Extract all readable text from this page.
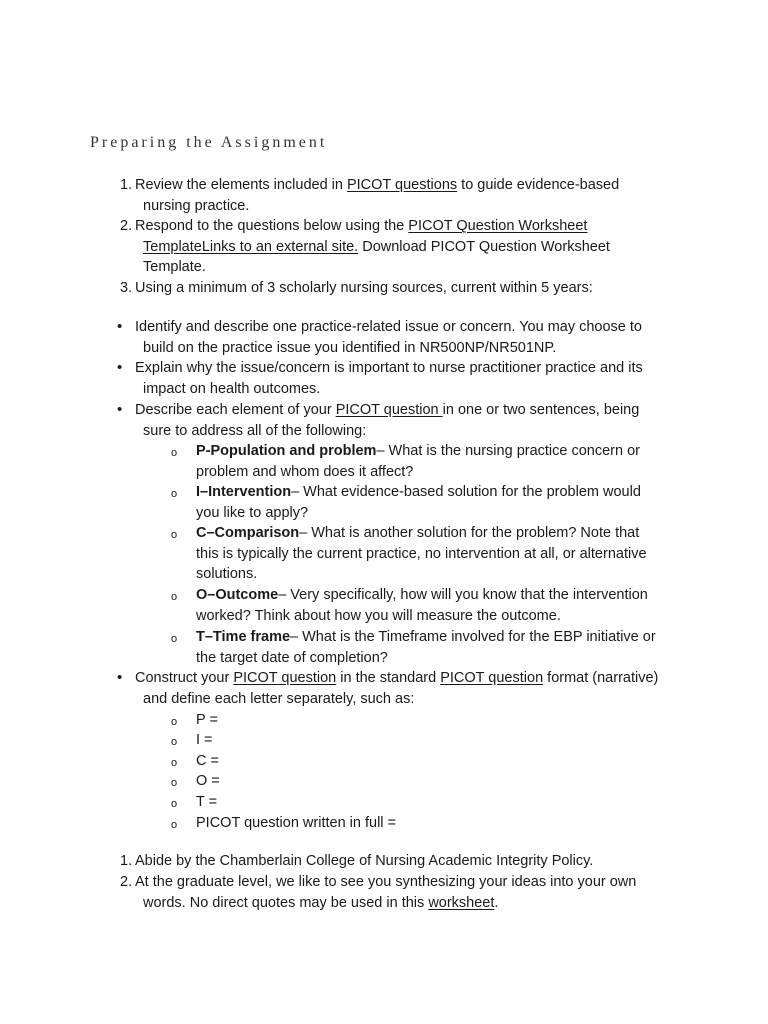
Preparing the Assignment
1. Review the elements included in PICOT questions to guide evidence-based
nursing practice.
2. Respond to the questions below using the PICOT Question Worksheet
TemplateLinks to an external site. Download PICOT Question Worksheet
Template.
3. Using a minimum of 3 scholarly nursing sources, current within 5 years:
• Identify and describe one practice-related issue or concern. You may choose to
build on the practice issue you identified in NR500NP/NR501NP.
• Explain why the issue/concern is important to nurse practitioner practice and its
impact on health outcomes.
• Describe each element of your PICOT question in one or two sentences, being
sure to address all of the following:
o P-Population and problem– What is the nursing practice concern or
problem and whom does it affect?
o I–Intervention– What evidence-based solution for the problem would
you like to apply?
o C–Comparison– What is another solution for the problem? Note that
this is typically the current practice, no intervention at all, or alternative
solutions.
o O–Outcome– Very specifically, how will you know that the intervention
worked? Think about how you will measure the outcome.
o T–Time frame– What is the Timeframe involved for the EBP initiative or
the target date of completion?
• Construct your PICOT question in the standard PICOT question format (narrative)
and define each letter separately, such as:
o P =
o I =
o C =
o O =
o T =
o PICOT question written in full =
1. Abide by the Chamberlain College of Nursing Academic Integrity Policy.
2. At the graduate level, we like to see you synthesizing your ideas into your own
words. No direct quotes may be used in this worksheet.
